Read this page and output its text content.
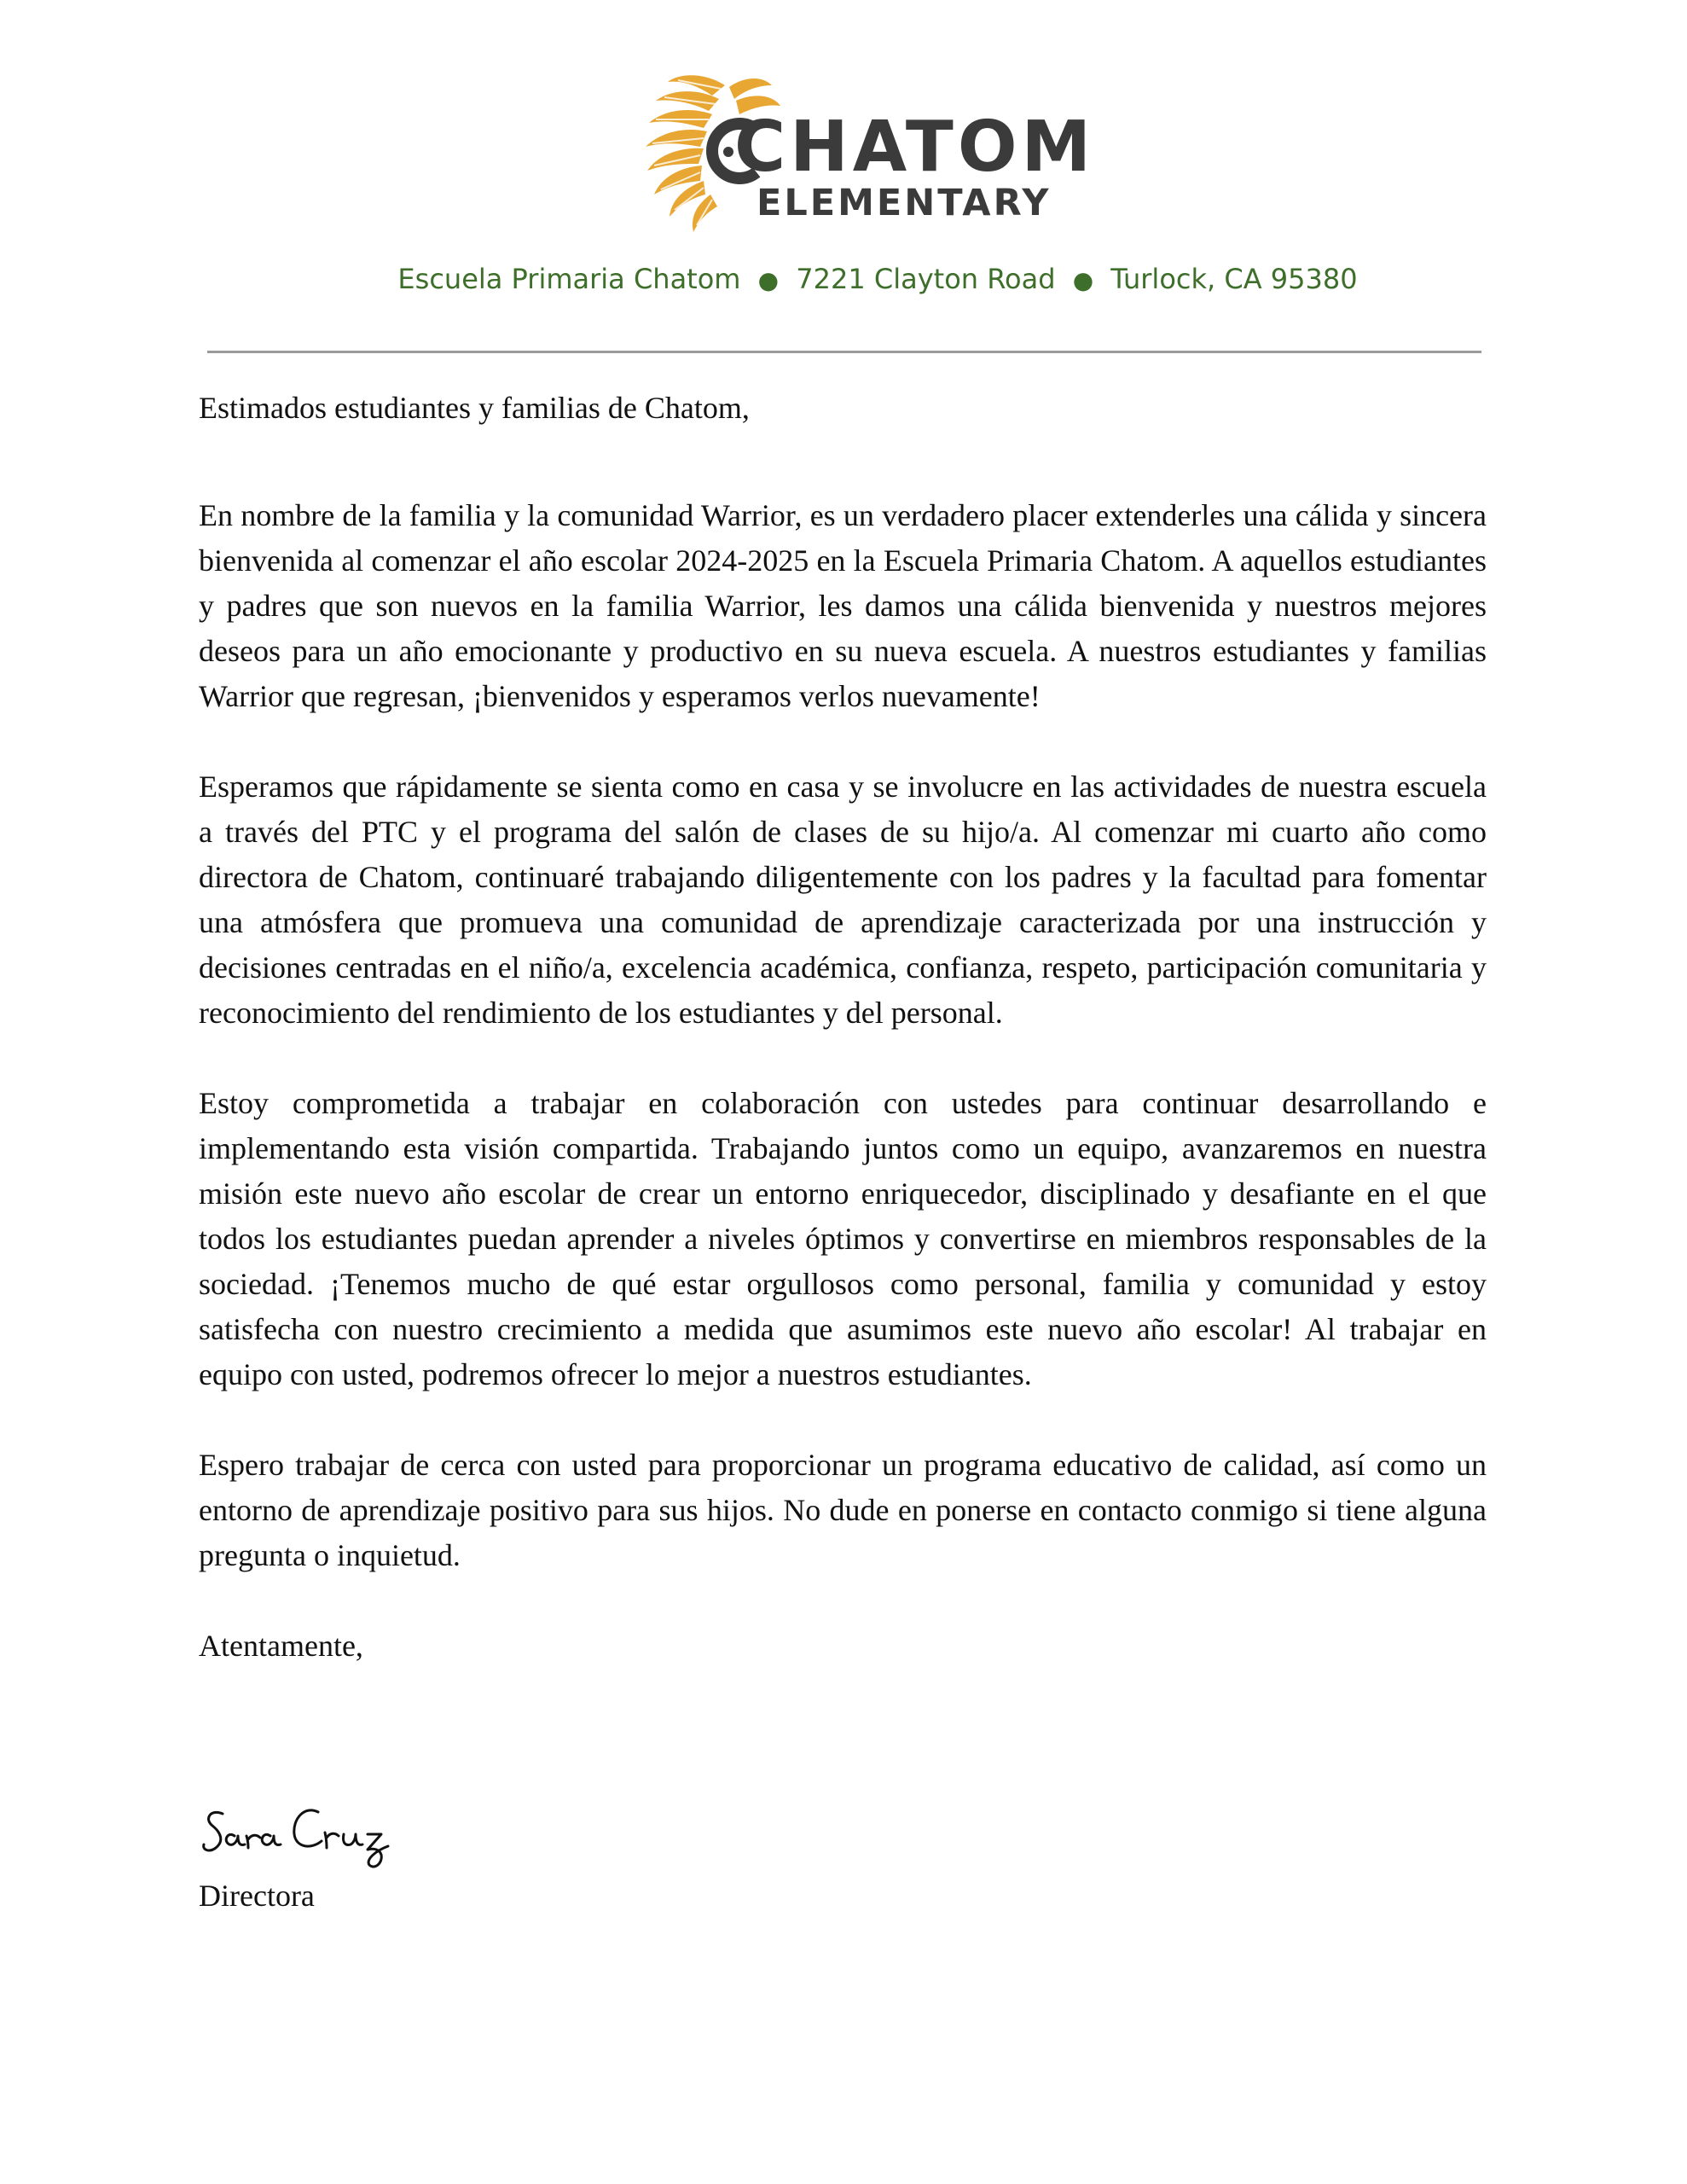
CHATOM
ELEMENTARY
Escuela Primaria Chatom ● 7221 Clayton Road ● Turlock, CA 95380

Estimados estudiantes y familias de Chatom,

En nombre de la familia y la comunidad Warrior, es un verdadero placer extenderles una cálida y sincera bienvenida al comenzar el año escolar 2024-2025 en la Escuela Primaria Chatom. A aquellos estudiantes y padres que son nuevos en la familia Warrior, les damos una cálida bienvenida y nuestros mejores deseos para un año emocionante y productivo en su nueva escuela. A nuestros estudiantes y familias Warrior que regresan, ¡bienvenidos y esperamos verlos nuevamente!

Esperamos que rápidamente se sienta como en casa y se involucre en las actividades de nuestra escuela a través del PTC y el programa del salón de clases de su hijo/a. Al comenzar mi cuarto año como directora de Chatom, continuaré trabajando diligentemente con los padres y la facultad para fomentar una atmósfera que promueva una comunidad de aprendizaje caracterizada por una instrucción y decisiones centradas en el niño/a, excelencia académica, confianza, respeto, participación comunitaria y reconocimiento del rendimiento de los estudiantes y del personal.

Estoy comprometida a trabajar en colaboración con ustedes para continuar desarrollando e implementando esta visión compartida. Trabajando juntos como un equipo, avanzaremos en nuestra misión este nuevo año escolar de crear un entorno enriquecedor, disciplinado y desafiante en el que todos los estudiantes puedan aprender a niveles óptimos y convertirse en miembros responsables de la sociedad. ¡Tenemos mucho de qué estar orgullosos como personal, familia y comunidad y estoy satisfecha con nuestro crecimiento a medida que asumimos este nuevo año escolar! Al trabajar en equipo con usted, podremos ofrecer lo mejor a nuestros estudiantes.

Espero trabajar de cerca con usted para proporcionar un programa educativo de calidad, así como un entorno de aprendizaje positivo para sus hijos. No dude en ponerse en contacto conmigo si tiene alguna pregunta o inquietud.

Atentamente,

Directora
